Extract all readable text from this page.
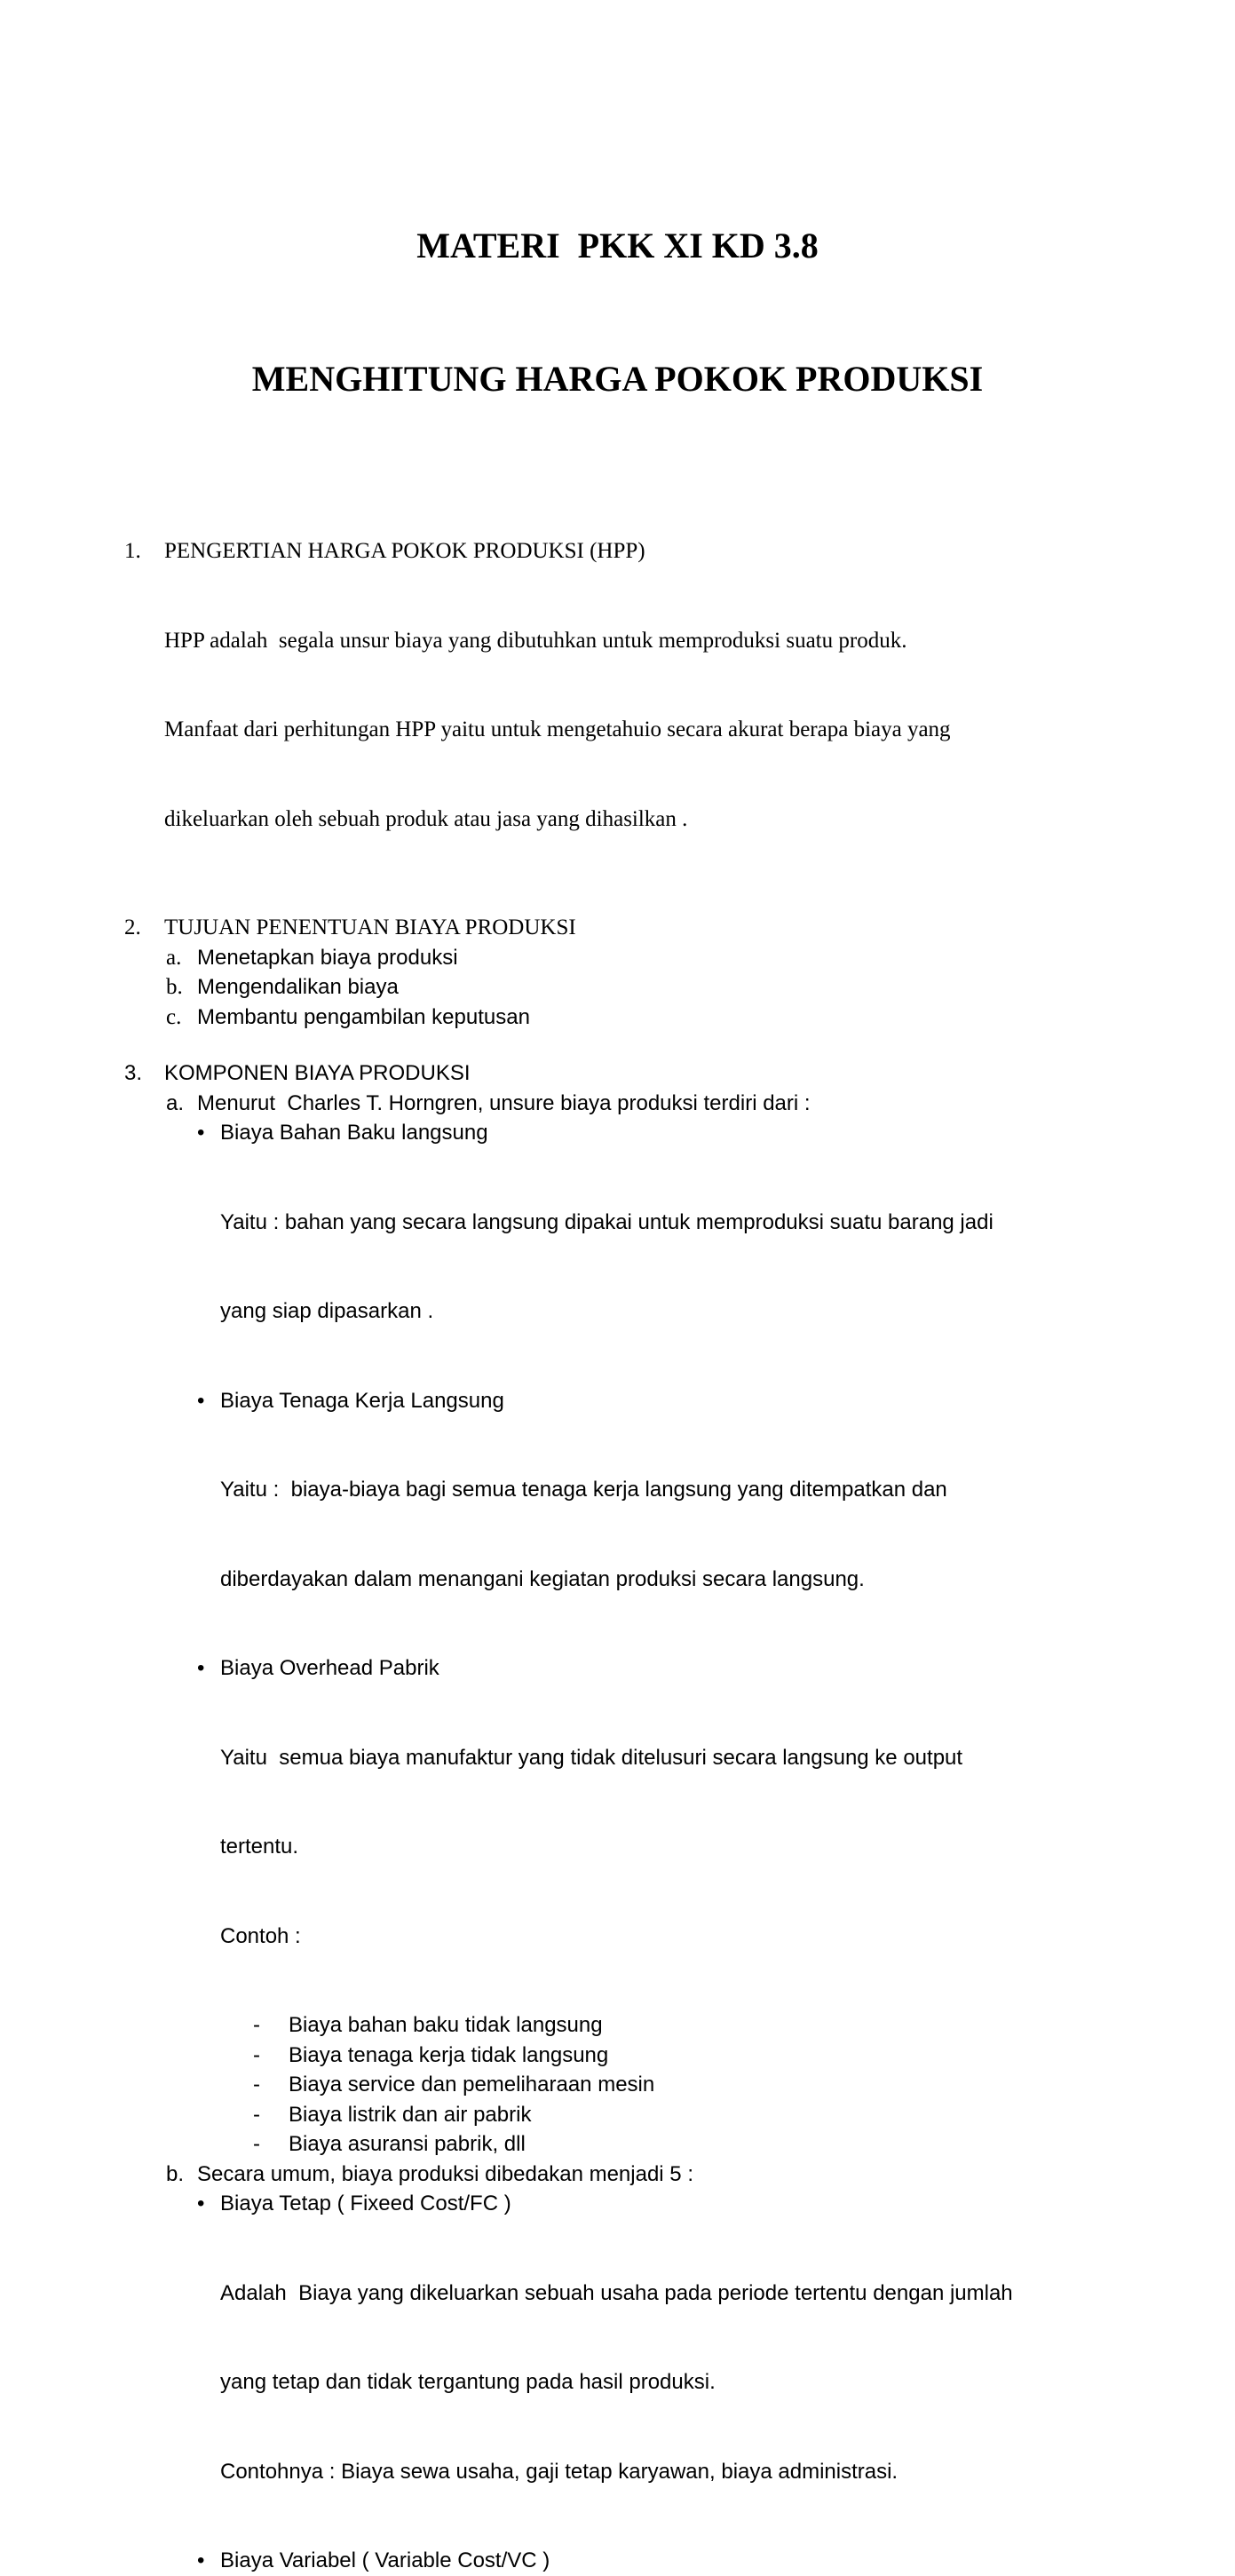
MATERI  PKK XI KD 3.8

MENGHITUNG HARGA POKOK PRODUKSI

1.	PENGERTIAN HARGA POKOK PRODUKSI (HPP)

HPP adalah  segala unsur biaya yang dibutuhkan untuk memproduksi suatu produk.

Manfaat dari perhitungan HPP yaitu untuk mengetahuio secara akurat berapa biaya yang

dikeluarkan oleh sebuah produk atau jasa yang dihasilkan .

2.	TUJUAN PENENTUAN BIAYA PRODUKSI
a. Menetapkan biaya produksi
b. Mengendalikan biaya
c. Membantu pengambilan keputusan
3.	KOMPONEN BIAYA PRODUKSI
a. Menurut  Charles T. Horngren, unsure biaya produksi terdiri dari :
• Biaya Bahan Baku langsung

Yaitu : bahan yang secara langsung dipakai untuk memproduksi suatu barang jadi

yang siap dipasarkan .

• Biaya Tenaga Kerja Langsung

Yaitu :  biaya-biaya bagi semua tenaga kerja langsung yang ditempatkan dan

diberdayakan dalam menangani kegiatan produksi secara langsung.

• Biaya Overhead Pabrik

Yaitu  semua biaya manufaktur yang tidak ditelusuri secara langsung ke output

tertentu.

Contoh :

-	Biaya bahan baku tidak langsung
-	Biaya tenaga kerja tidak langsung
-	Biaya service dan pemeliharaan mesin
-	Biaya listrik dan air pabrik
-	Biaya asuransi pabrik, dll
b. Secara umum, biaya produksi dibedakan menjadi 5 :
• Biaya Tetap ( Fixeed Cost/FC )

Adalah  Biaya yang dikeluarkan sebuah usaha pada periode tertentu dengan jumlah

yang tetap dan tidak tergantung pada hasil produksi.

Contohnya : Biaya sewa usaha, gaji tetap karyawan, biaya administrasi.

• Biaya Variabel ( Variable Cost/VC )
